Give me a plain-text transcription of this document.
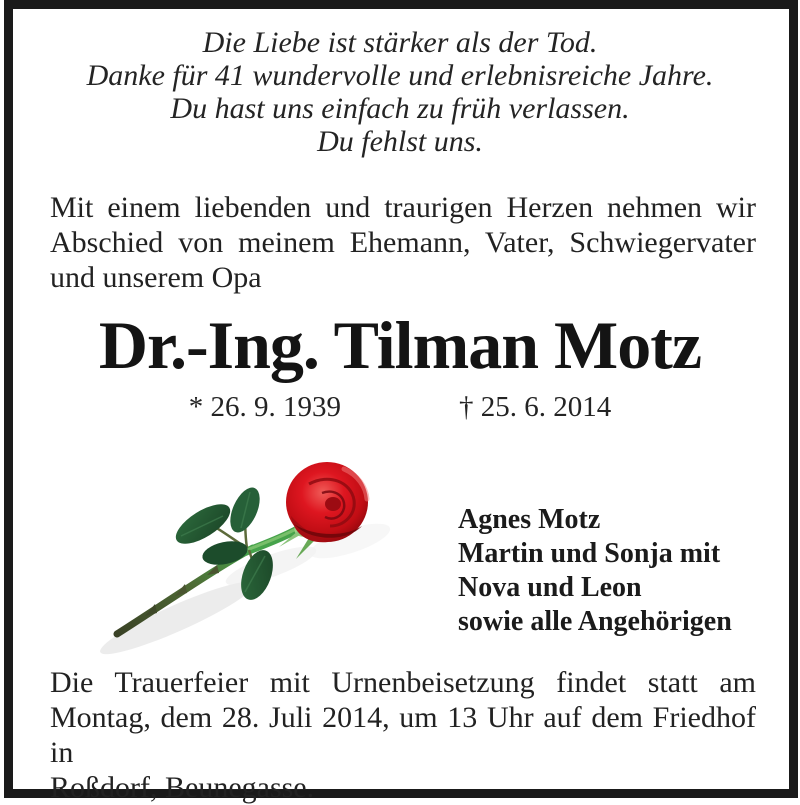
Die Liebe ist stärker als der Tod.
Danke für 41 wundervolle und erlebnisreiche Jahre.
Du hast uns einfach zu früh verlassen.
Du fehlst uns.
Mit einem liebenden und traurigen Herzen nehmen wir
Abschied von meinem Ehemann, Vater, Schwiegervater
und unserem Opa
Dr.-Ing. Tilman Motz
* 26. 9. 1939	† 25. 6. 2014
Agnes Motz
Martin und Sonja mit
Nova und Leon
sowie alle Angehörigen
Die Trauerfeier mit Urnenbeisetzung findet statt am
Montag, dem 28. Juli 2014, um 13 Uhr auf dem Friedhof in
Roßdorf, Beunegasse.
